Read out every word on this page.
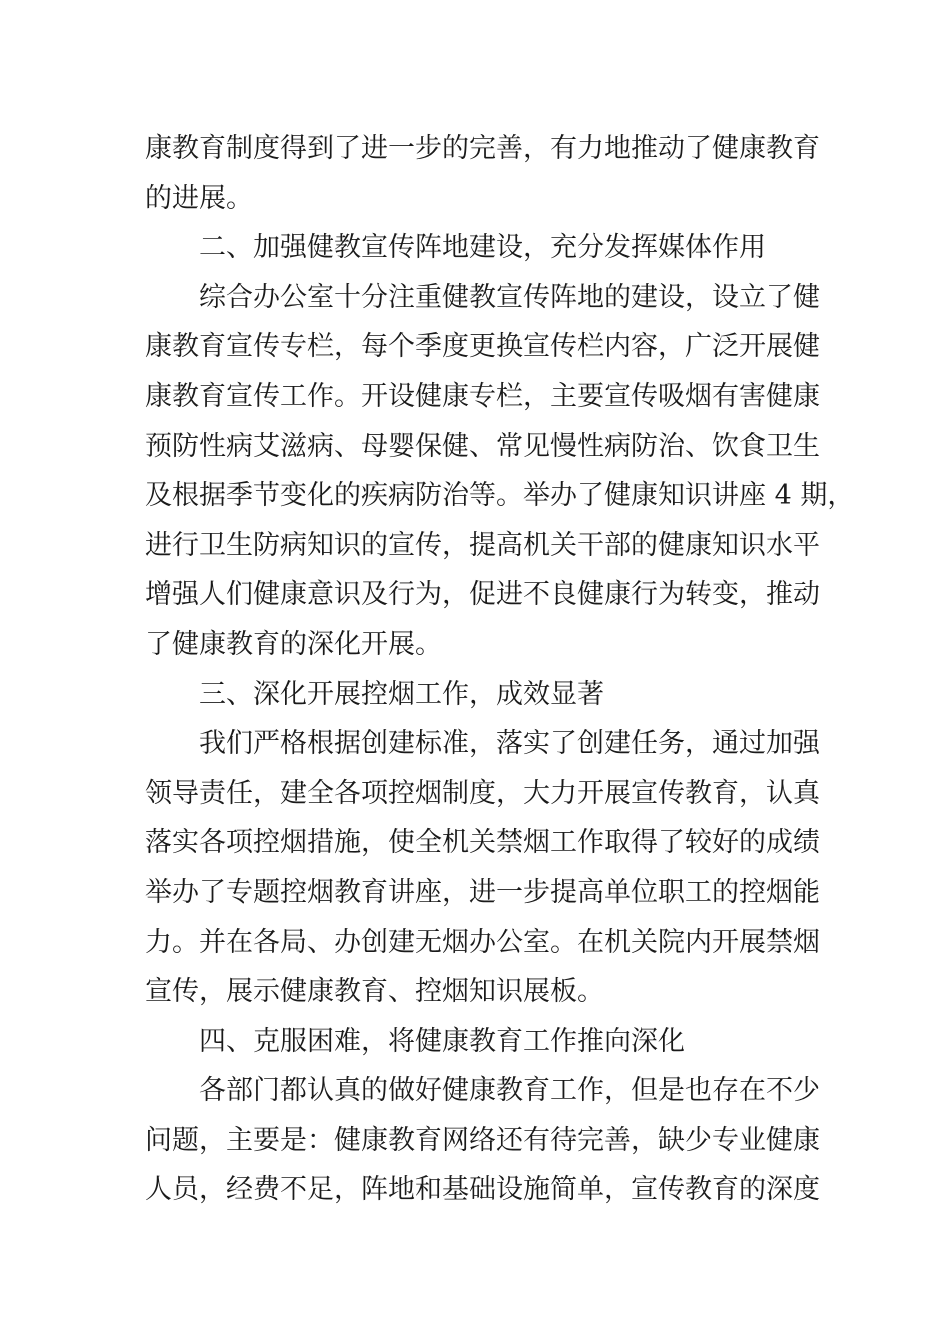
康教育制度得到了进一步的完善，有力地推动了健康教育
的进展。
二、加强健教宣传阵地建设，充分发挥媒体作用
综合办公室十分注重健教宣传阵地的建设，设立了健
康教育宣传专栏，每个季度更换宣传栏内容，广泛开展健
康教育宣传工作。开设健康专栏，主要宣传吸烟有害健康
预防性病艾滋病、母婴保健、常见慢性病防治、饮食卫生
及根据季节变化的疾病防治等。举办了健康知识讲座 4 期，
进行卫生防病知识的宣传，提高机关干部的健康知识水平
增强人们健康意识及行为，促进不良健康行为转变，推动
了健康教育的深化开展。
三、深化开展控烟工作，成效显著
我们严格根据创建标准，落实了创建任务，通过加强
领导责任，建全各项控烟制度，大力开展宣传教育，认真
落实各项控烟措施，使全机关禁烟工作取得了较好的成绩
举办了专题控烟教育讲座，进一步提高单位职工的控烟能
力。并在各局、办创建无烟办公室。在机关院内开展禁烟
宣传，展示健康教育、控烟知识展板。
四、克服困难，将健康教育工作推向深化
各部门都认真的做好健康教育工作，但是也存在不少
问题，主要是：健康教育网络还有待完善，缺少专业健康
人员，经费不足，阵地和基础设施简单，宣传教育的深度
